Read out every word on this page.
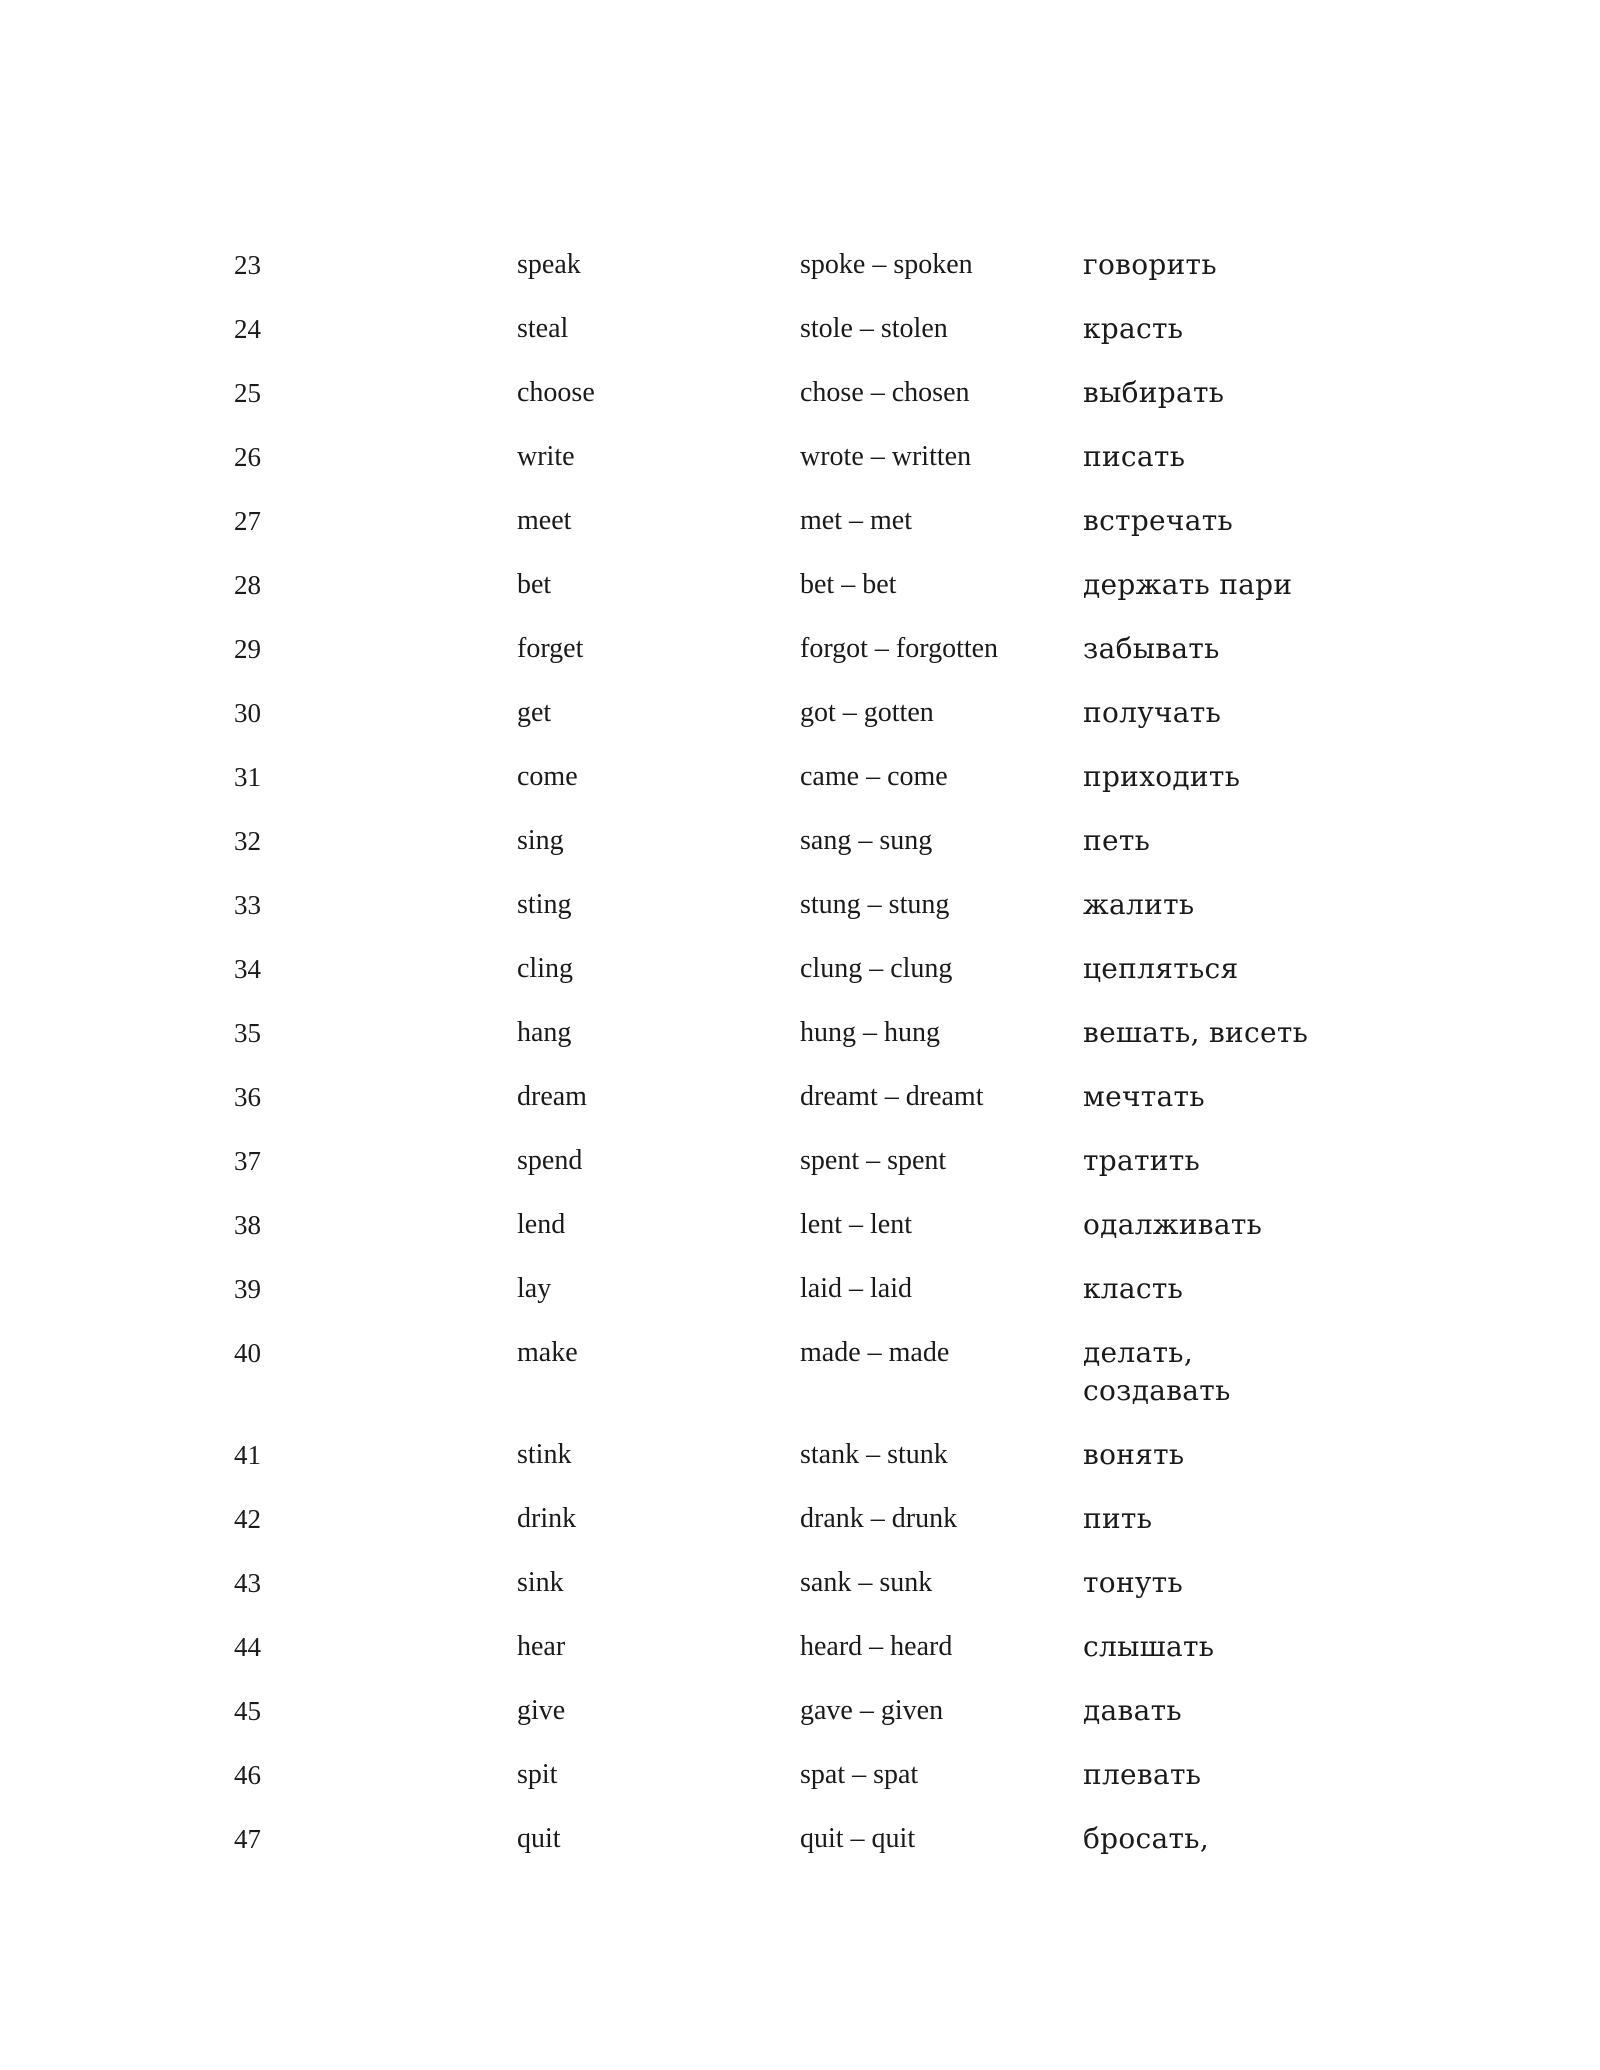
23	speak	spoke – spoken	говорить
24	steal	stole – stolen	красть
25	choose	chose – chosen	выбирать
26	write	wrote – written	писать
27	meet	met – met	встречать
28	bet	bet – bet	держать пари
29	forget	forgot – forgotten	забывать
30	get	got – gotten	получать
31	come	came – come	приходить
32	sing	sang – sung	петь
33	sting	stung – stung	жалить
34	cling	clung – clung	цепляться
35	hang	hung – hung	вешать, висеть
36	dream	dreamt – dreamt	мечтать
37	spend	spent – spent	тратить
38	lend	lent – lent	одалживать
39	lay	laid – laid	класть
40	make	made – made	делать,
создавать
41	stink	stank – stunk	вонять
42	drink	drank – drunk	пить
43	sink	sank – sunk	тонуть
44	hear	heard – heard	слышать
45	give	gave – given	давать
46	spit	spat – spat	плевать
47	quit	quit – quit	бросать,
